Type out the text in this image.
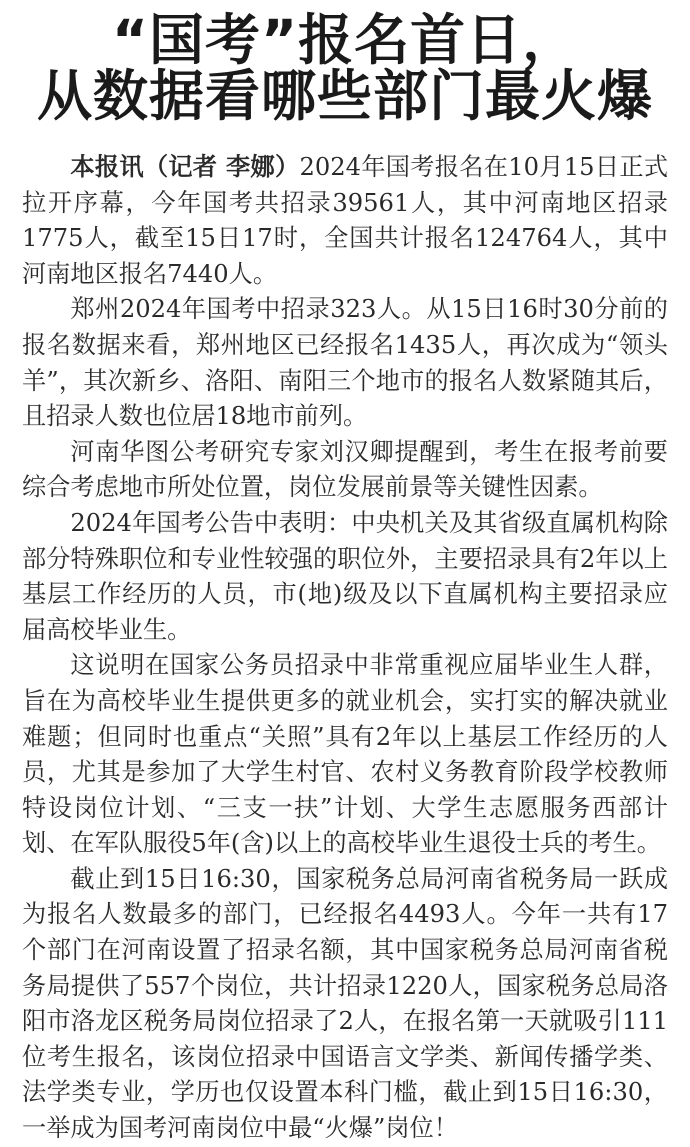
“国考”报名首日，
从数据看哪些部门最火爆

本报讯（记者 李娜）2024年国考报名在10月15日正式拉开序幕，今年国考共招录39561人，其中河南地区招录1775人，截至15日17时，全国共计报名124764人，其中河南地区报名7440人。

郑州2024年国考中招录323人。从15日16时30分前的报名数据来看，郑州地区已经报名1435人，再次成为“领头羊”，其次新乡、洛阳、南阳三个地市的报名人数紧随其后，且招录人数也位居18地市前列。

河南华图公考研究专家刘汉卿提醒到，考生在报考前要综合考虑地市所处位置，岗位发展前景等关键性因素。

2024年国考公告中表明：中央机关及其省级直属机构除部分特殊职位和专业性较强的职位外，主要招录具有2年以上基层工作经历的人员，市(地)级及以下直属机构主要招录应届高校毕业生。

这说明在国家公务员招录中非常重视应届毕业生人群，旨在为高校毕业生提供更多的就业机会，实打实的解决就业难题；但同时也重点“关照”具有2年以上基层工作经历的人员，尤其是参加了大学生村官、农村义务教育阶段学校教师特设岗位计划、“三支一扶”计划、大学生志愿服务西部计划、在军队服役5年(含)以上的高校毕业生退役士兵的考生。

截止到15日16:30，国家税务总局河南省税务局一跃成为报名人数最多的部门，已经报名4493人。今年一共有17个部门在河南设置了招录名额，其中国家税务总局河南省税务局提供了557个岗位，共计招录1220人，国家税务总局洛阳市洛龙区税务局岗位招录了2人，在报名第一天就吸引111位考生报名，该岗位招录中国语言文学类、新闻传播学类、法学类专业，学历也仅设置本科门槛，截止到15日16:30，一举成为国考河南岗位中最“火爆”岗位！
